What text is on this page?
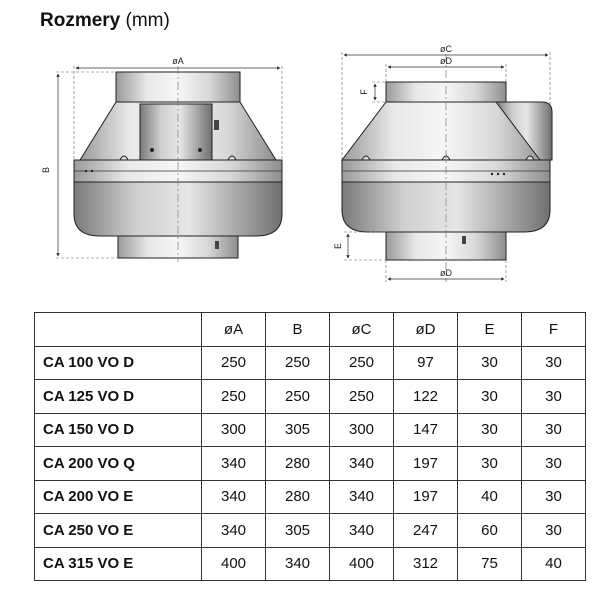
Rozmery (mm)
øA
B
øC
øD
F
E
øD
	øA	B	øC	øD	E	F
CA 100 VO D	250	250	250	97	30	30
CA 125 VO D	250	250	250	122	30	30
CA 150 VO D	300	305	300	147	30	30
CA 200 VO Q	340	280	340	197	30	30
CA 200 VO E	340	280	340	197	40	30
CA 250 VO E	340	305	340	247	60	30
CA 315 VO E	400	340	400	312	75	40
